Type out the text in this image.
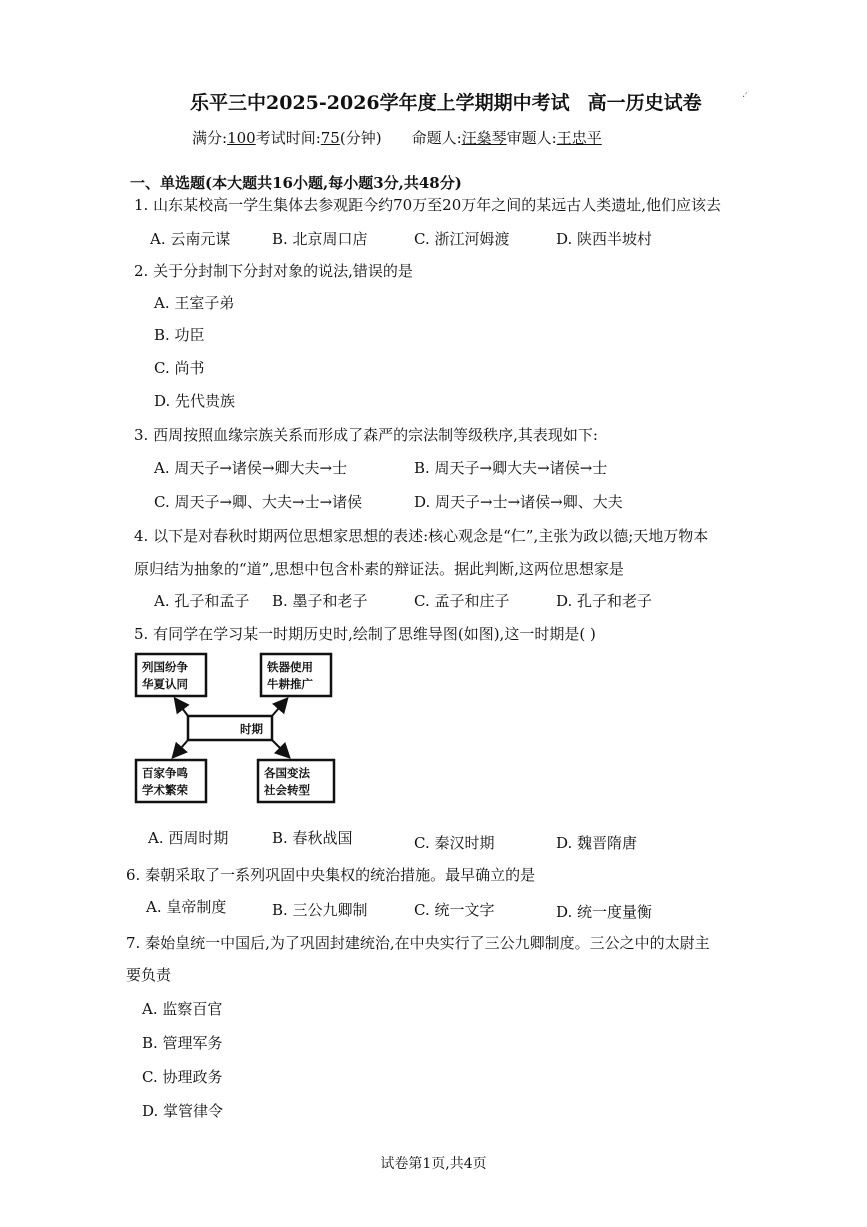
·′
乐平三中2025-2026学年度上学期期中考试 高一历史试卷
满分:100考试时间:75(分钟) 命题人:汪燊琴审题人:王忠平
一、单选题(本大题共16小题,每小题3分,共48分)
1. 山东某校高一学生集体去参观距今约70万至20万年之间的某远古人类遗址,他们应该去
A. 云南元谋	B. 北京周口店	C. 浙江河姆渡	D. 陕西半坡村
2. 关于分封制下分封对象的说法,错误的是
A. 王室子弟
B. 功臣
C. 尚书
D. 先代贵族
3. 西周按照血缘宗族关系而形成了森严的宗法制等级秩序,其表现如下:
A. 周天子→诸侯→卿大夫→士	B. 周天子→卿大夫→诸侯→士
C. 周天子→卿、大夫→士→诸侯	D. 周天子→士→诸侯→卿、大夫
4. 以下是对春秋时期两位思想家思想的表述:核心观念是“仁”,主张为政以德;天地万物本
原归结为抽象的“道”,思想中包含朴素的辩证法。据此判断,这两位思想家是
A. 孔子和孟子 B. 墨子和老子	C. 孟子和庄子	D. 孔子和老子
5. 有同学在学习某一时期历史时,绘制了思维导图(如图),这一时期是( )
列国纷争
华夏认同
铁器使用
牛耕推广
时期
百家争鸣
学术繁荣
各国变法
社会转型
A. 西周时期	B. 春秋战国	C. 秦汉时期	D. 魏晋隋唐
6. 秦朝采取了一系列巩固中央集权的统治措施。最早确立的是
A. 皇帝制度	B. 三公九卿制	C. 统一文字	D. 统一度量衡
7. 秦始皇统一中国后,为了巩固封建统治,在中央实行了三公九卿制度。三公之中的太尉主
要负责
A. 监察百官
B. 管理军务
C. 协理政务
D. 掌管律令
试卷第1页,共4页
